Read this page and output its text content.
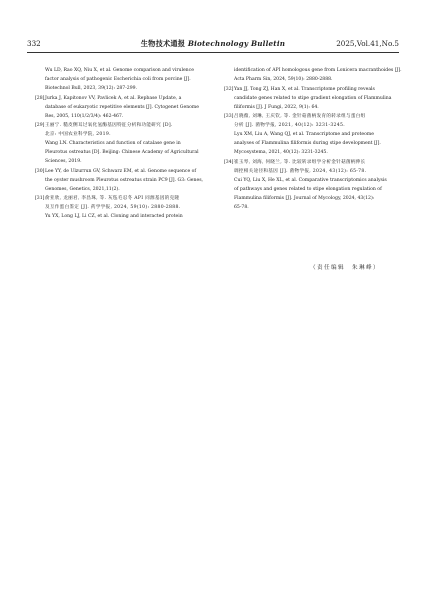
332	生物技术通报 Biotechnology Bulletin	2025,Vol.41,No.5

Wu LD, Rao XQ, Niu X, et al. Genome comparison and virulence

factor analysis of pathogenic Escherichia coli from porcine [J].

Biotechnol Bull, 2023, 39(12): 287-299.

[28] Jurka J, Kapitonov VV, Pavlicek A, et al. Repbase Update, a

database of eukaryotic repetitive elements [J]. Cytogenet Genome

Res, 2005, 110(1/2/3/4): 462-467.

[29] 王丽宁. 糙皮侧耳过氧化氢酶基因特征分析和功能研究 [D].

北京: 中国农业科学院, 2019.

Wang LN. Characteristics and function of catalase gene in

Pleurotus ostreatus [D]. Beijing: Chinese Academy of Agricultural

Sciences, 2019.

[30] Lee YY, de Ulzurrun GV, Schwarz EM, et al. Genome sequence of

the oyster mushroom Pleurotus ostreatus strain PC9 [J]. G3: Genes,

Genomes, Genetics, 2021,11(2).

[31] 俞亚欣, 龙丽君, 李昌珠, 等. 灰毡毛忍冬 API 同源基因的克隆

及互作蛋白鉴定 [J]. 药学学报, 2024, 59(10): 2880-2888.

Yu YX, Long LJ, Li CZ, et al. Cloning and interacted protein

identification of API homologous gene from Lonicera macranthoides [J].

Acta Pharm Sin, 2024, 59(10): 2880-2888.

[32] Yan JJ, Tong ZJ, Han X, et al. Transcriptome profiling reveals

candidate genes related to stipe gradient elongation of Flammulina

filiformis [J]. J Fungi, 2022, 9(1): 64.

[33] 吕晓薇, 刘琳, 王庆钦, 等. 金针菇菌柄发育的转录组与蛋白组

分析 [J]. 菌物学报, 2021, 40(12): 3231-3245.

Lyu XM, Liu A, Wang QJ, et al. Transcriptome and proteome

analyses of Flammulina filiformis during stipe development [J].

Mycosystema, 2021, 40(12): 3231-3245.

[34] 崔玉琴, 刘海, 何晓兰, 等. 比较转录组学分析金针菇菌柄伸长

调控相关途径和基因 [J]. 菌物学报, 2024, 43(12): 65-78.

Cui YQ, Liu X, He XL, et al. Comparative transcriptomics analysis

of pathways and genes related to stipe elongation regulation of

Flammulina filiformis [J]. Journal of Mycology, 2024, 43(12):

65-78.

（责任编辑　朱琳峰）
